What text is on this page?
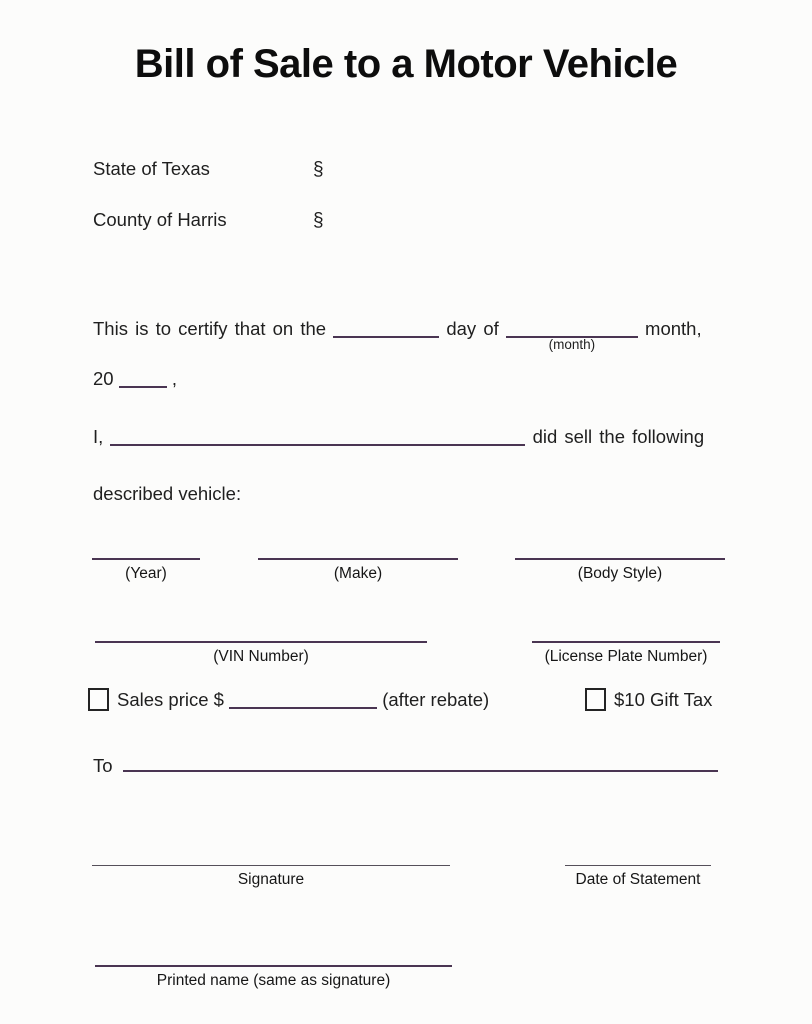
Bill of Sale to a Motor Vehicle
State of Texas	§
County of Harris	§
This is to certify that on the	day of
(month)
month,
20	,
I,	did sell the following
described vehicle:
(Year)	(Make)	(Body Style)
(VIN Number)	(License Plate Number)
Sales price $	(after rebate)	$10 Gift Tax
To
Signature	Date of Statement
Printed name (same as signature)
